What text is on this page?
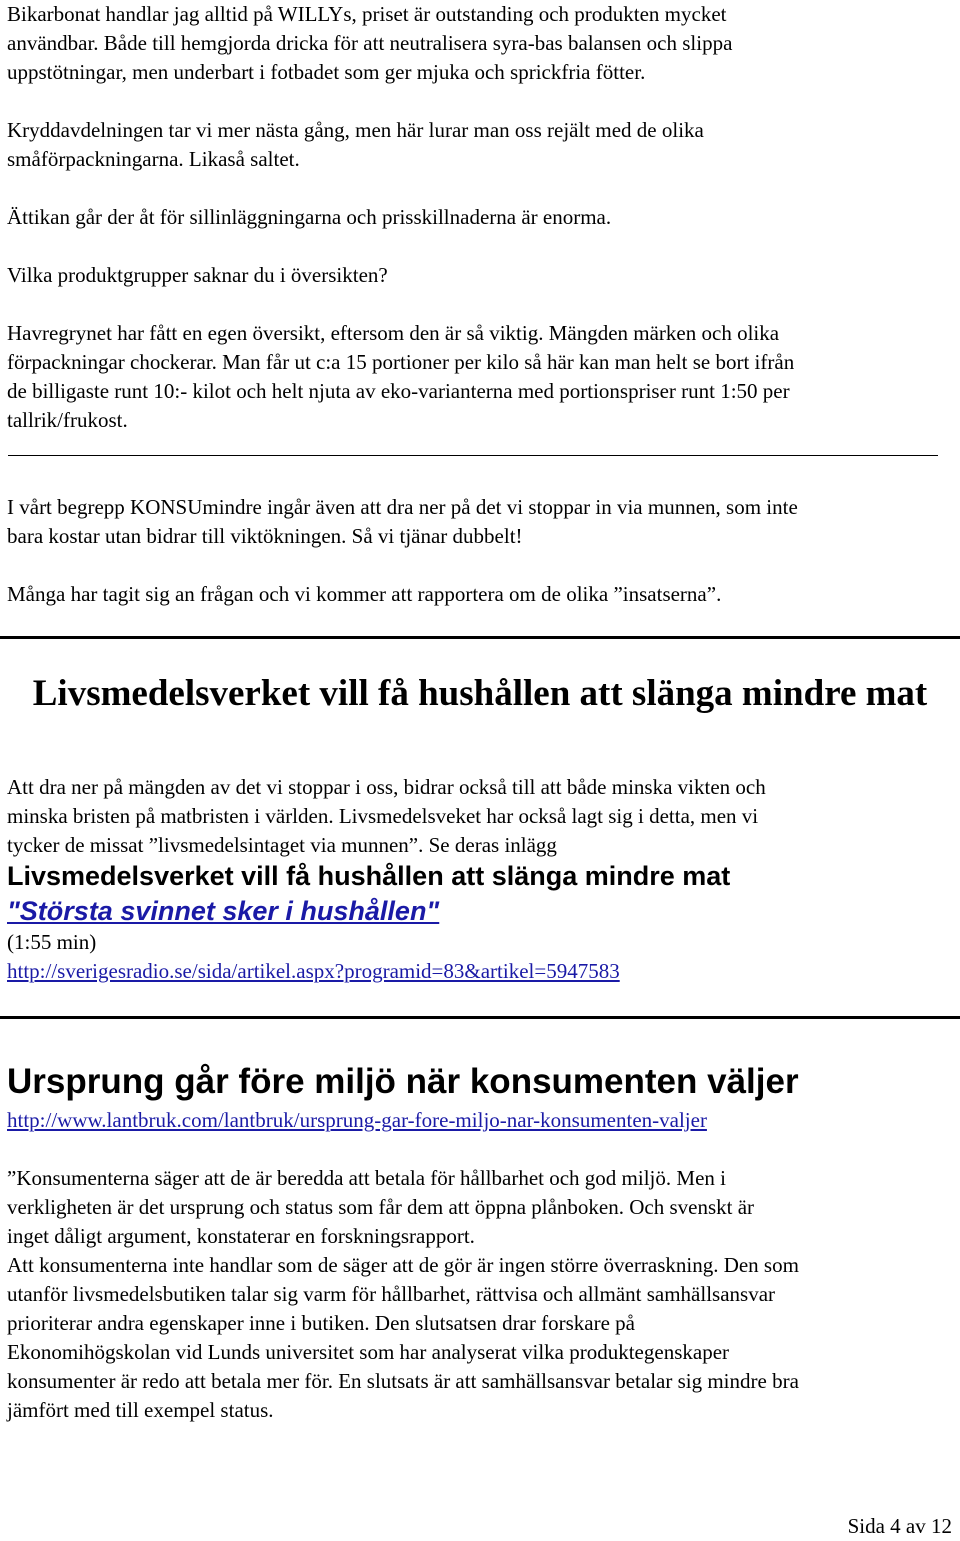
Bikarbonat handlar jag alltid på WILLYs, priset är outstanding och produkten mycket

användbar. Både till hemgjorda dricka för att neutralisera syra-bas balansen och slippa

uppstötningar, men underbart i fotbadet som ger mjuka och sprickfria fötter.

Kryddavdelningen tar vi mer nästa gång, men här lurar man oss rejält med de olika

småförpackningarna. Likaså saltet.

Ättikan går der åt för sillinläggningarna och prisskillnaderna är enorma.

Vilka produktgrupper saknar du i översikten?

Havregrynet har fått en egen översikt, eftersom den är så viktig. Mängden märken och olika

förpackningar chockerar. Man får ut c:a 15 portioner per kilo så här kan man helt se bort ifrån

de billigaste runt 10:- kilot och helt njuta av eko-varianterna med portionspriser runt 1:50 per

tallrik/frukost.

I vårt begrepp KONSUmindre ingår även att dra ner på det vi stoppar in via munnen, som inte

bara kostar utan bidrar till viktökningen. Så vi tjänar dubbelt!

Många har tagit sig an frågan och vi kommer att rapportera om de olika ”insatserna”.

Livsmedelsverket vill få hushållen att slänga mindre mat

Att dra ner på mängden av det vi stoppar i oss, bidrar också till att både minska vikten och

minska bristen på matbristen i världen. Livsmedelsveket har också lagt sig i detta, men vi

tycker de missat ”livsmedelsintaget via munnen”. Se deras inlägg

Livsmedelsverket vill få hushållen att slänga mindre mat

"Största svinnet sker i hushållen"

(1:55 min)

http://sverigesradio.se/sida/artikel.aspx?programid=83&artikel=5947583

Ursprung går före miljö när konsumenten väljer

http://www.lantbruk.com/lantbruk/ursprung-gar-fore-miljo-nar-konsumenten-valjer

”Konsumenterna säger att de är beredda att betala för hållbarhet och god miljö. Men i

verkligheten är det ursprung och status som får dem att öppna plånboken. Och svenskt är

inget dåligt argument, konstaterar en forskningsrapport.

Att konsumenterna inte handlar som de säger att de gör är ingen större överraskning. Den som

utanför livsmedelsbutiken talar sig varm för hållbarhet, rättvisa och allmänt samhällsansvar

prioriterar andra egenskaper inne i butiken. Den slutsatsen drar forskare på

Ekonomihögskolan vid Lunds universitet som har analyserat vilka produktegenskaper

konsumenter är redo att betala mer för. En slutsats är att samhällsansvar betalar sig mindre bra

jämfört med till exempel status.

Sida 4 av 12
